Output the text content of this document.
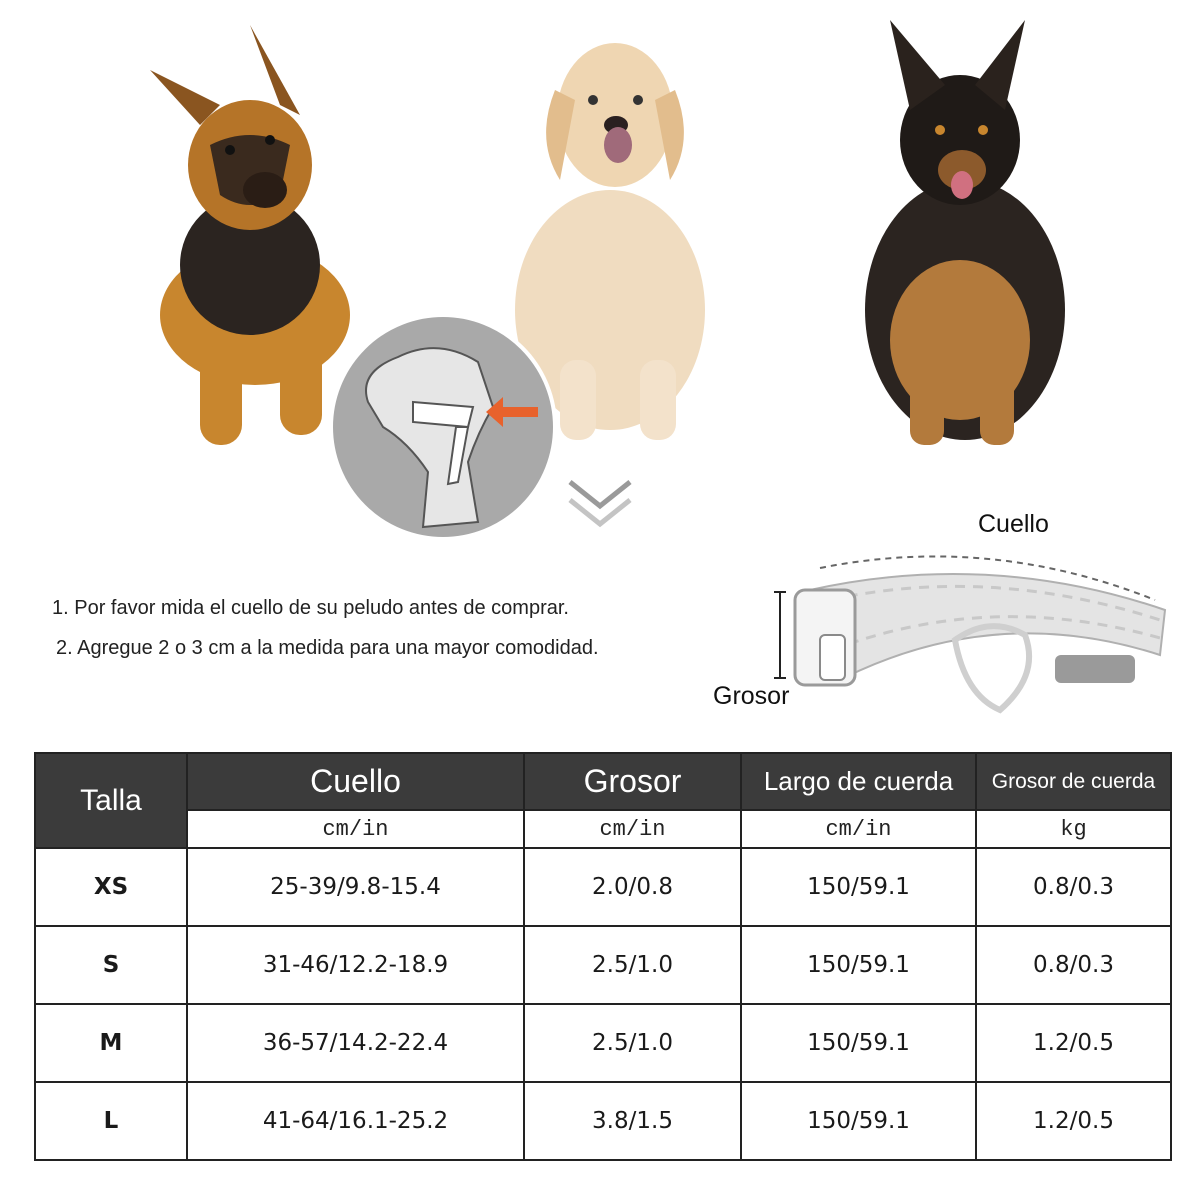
1. Por favor mida el cuello de su peludo antes de comprar.
2. Agregue 2 o 3 cm a la medida para una mayor comodidad.
Cuello
Grosor
Talla	Cuello	Grosor	Largo de cuerda	Grosor de cuerda
	cm/in	cm/in	cm/in	kg
XS	25-39/9.8-15.4	2.0/0.8	150/59.1	0.8/0.3
S	31-46/12.2-18.9	2.5/1.0	150/59.1	0.8/0.3
M	36-57/14.2-22.4	2.5/1.0	150/59.1	1.2/0.5
L	41-64/16.1-25.2	3.8/1.5	150/59.1	1.2/0.5
